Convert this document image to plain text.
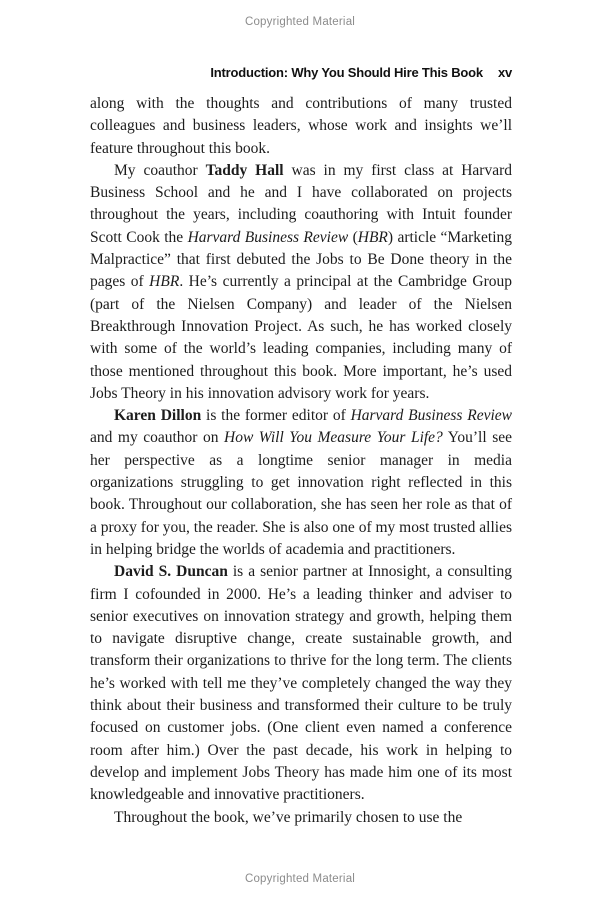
Copyrighted Material
Introduction: Why You Should Hire This Book xv

along with the thoughts and contributions of many trusted colleagues and business leaders, whose work and insights we’ll feature throughout this book.

My coauthor Taddy Hall was in my first class at Harvard Business School and he and I have collaborated on projects throughout the years, including coauthoring with Intuit founder Scott Cook the Harvard Business Review (HBR) article “Marketing Malpractice” that first debuted the Jobs to Be Done theory in the pages of HBR. He’s currently a principal at the Cambridge Group (part of the Nielsen Company) and leader of the Nielsen Breakthrough Innovation Project. As such, he has worked closely with some of the world’s leading companies, including many of those mentioned throughout this book. More important, he’s used Jobs Theory in his innovation advisory work for years.

Karen Dillon is the former editor of Harvard Business Review and my coauthor on How Will You Measure Your Life? You’ll see her perspective as a longtime senior manager in media organizations struggling to get innovation right reflected in this book. Throughout our collaboration, she has seen her role as that of a proxy for you, the reader. She is also one of my most trusted allies in helping bridge the worlds of academia and practitioners.

David S. Duncan is a senior partner at Innosight, a consulting firm I cofounded in 2000. He’s a leading thinker and adviser to senior executives on innovation strategy and growth, helping them to navigate disruptive change, create sustainable growth, and transform their organizations to thrive for the long term. The clients he’s worked with tell me they’ve completely changed the way they think about their business and transformed their culture to be truly focused on customer jobs. (One client even named a conference room after him.) Over the past decade, his work in helping to develop and implement Jobs Theory has made him one of its most knowledgeable and innovative practitioners.

Throughout the book, we’ve primarily chosen to use the

Copyrighted Material
